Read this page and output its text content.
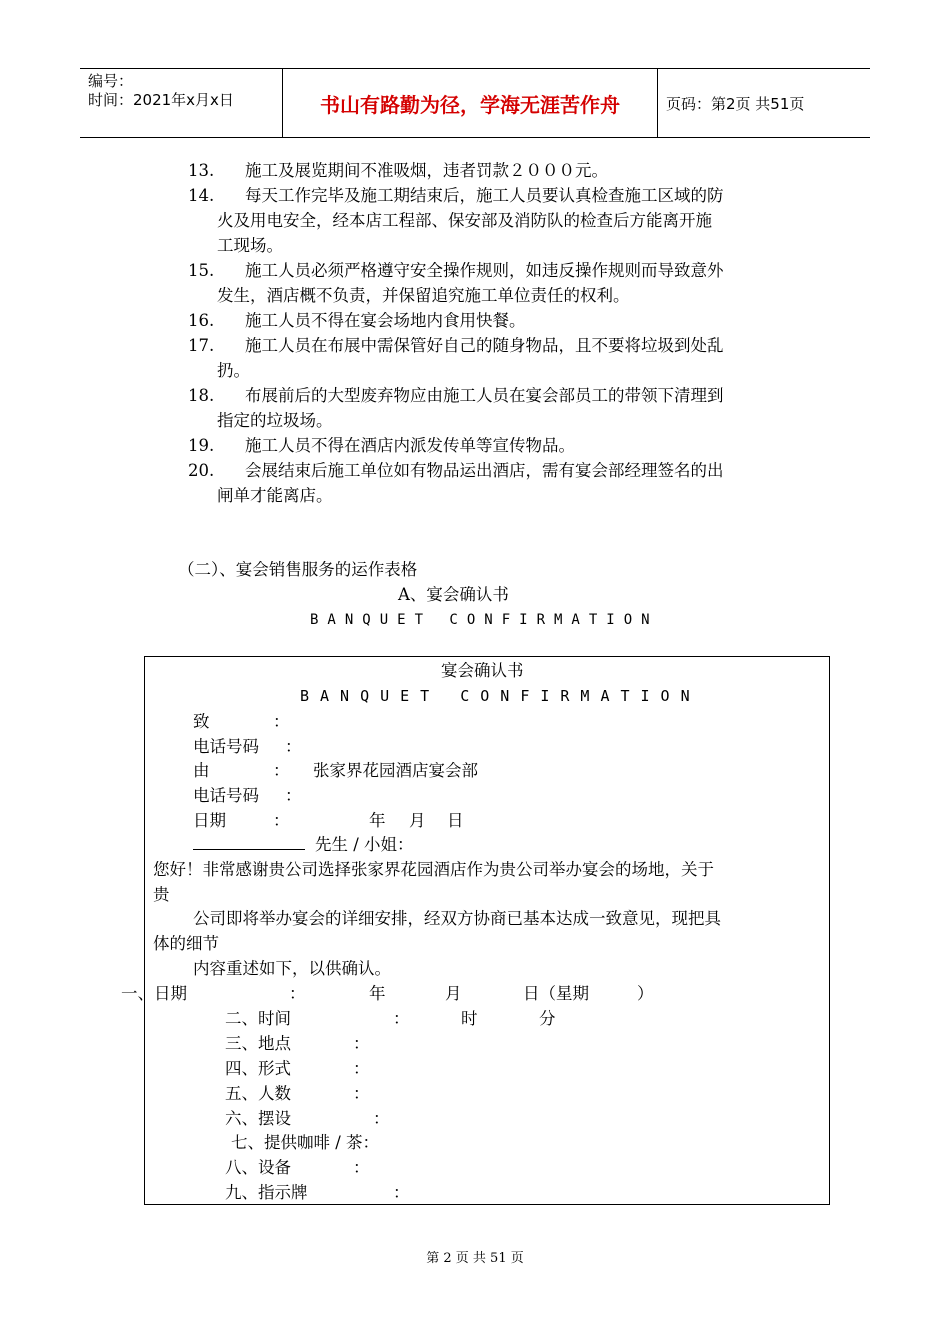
编号：
时间：2021年x月x日	书山有路勤为径，学海无涯苦作舟	页码：第2页 共51页
13.	施工及展览期间不准吸烟，违者罚款２０００元。
14.	每天工作完毕及施工期结束后，施工人员要认真检查施工区域的防
火及用电安全，经本店工程部、保安部及消防队的检查后方能离开施
工现场。
15.	施工人员必须严格遵守安全操作规则，如违反操作规则而导致意外
发生，酒店概不负责，并保留追究施工单位责任的权利。
16.	施工人员不得在宴会场地内食用快餐。
17.	施工人员在布展中需保管好自己的随身物品，且不要将垃圾到处乱
扔。
18.	布展前后的大型废弃物应由施工人员在宴会部员工的带领下清理到
指定的垃圾场。
19.	施工人员不得在酒店内派发传单等宣传物品。
20.	会展结束后施工单位如有物品运出酒店，需有宴会部经理签名的出
闸单才能离店。
（二）、宴会销售服务的运作表格
A、宴会确认书
BANQUET CONFIRMATION
宴会确认书
BANQUET CONFIRMATION
致	：
电话号码 ：
由	： 张家界花园酒店宴会部
电话号码 ：
日期	：	年 月 日
先生 / 小姐：
您好！非常感谢贵公司选择张家界花园酒店作为贵公司举办宴会的场地，关于
贵
公司即将举办宴会的详细安排，经双方协商已基本达成一致意见，现把具
体的细节
内容重述如下，以供确认。
一、日期	：	年	月	日（星期	）
二、时间	：	时	分
三、地点	：
四、形式	：
五、人数	：
六、摆设	：
七、提供咖啡 / 茶：
八、设备	：
九、指示牌	：
第 2 页 共 51 页
